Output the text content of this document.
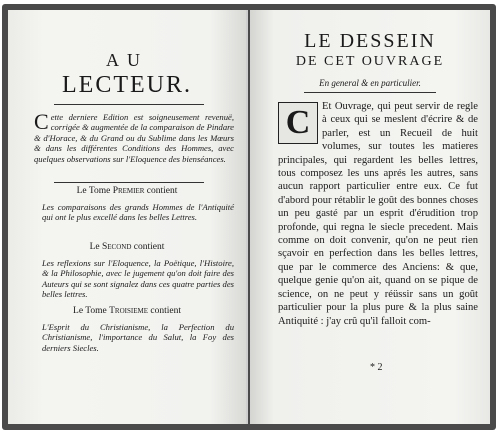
AU
LECTEUR.
Cette derniere Edition est soigneusement revenuë, corrigée & augmentée de la comparaison de Pindare & d'Horace, & du Grand ou du Sublime dans les Mœurs & dans les différentes Conditions des Hommes, avec quelques observations sur l'Eloquence des bienséances.
Le Tome Premier contient
Les comparaisons des grands Hommes de l'Antiquité qui ont le plus excellé dans les belles Lettres.
Le Second contient
Les reflexions sur l'Eloquence, la Poëtique, l'Histoire, & la Philosophie, avec le jugement qu'on doit faire des Auteurs qui se sont signalez dans ces quatre parties des belles lettres.
Le Tome Troisieme contient
L'Esprit du Christianisme, la Perfection du Christianisme, l'importance du Salut, la Foy des derniers Siecles.
LE DESSEIN
DE CET OUVRAGE
En general & en particulier.
C	Et Ouvrage, qui peut servir de regle à ceux qui se meslent d'écrire & de parler, est un Recueil de huit volumes, sur toutes les matieres principales, qui regardent les belles lettres, tous composez les uns aprés les autres, sans aucun rapport particulier entre eux. Ce fut d'abord pour rétablir le goût des bonnes choses un peu gasté par un esprit d'érudition trop profonde, qui regna le siecle precedent. Mais comme on doit convenir, qu'on ne peut rien sçavoir en perfection dans les belles lettres, que par le commerce des Anciens: & que, quelque genie qu'on ait, quand on se pique de science, on ne peut y réüssir sans un goût particulier pour la plus pure & la plus saine Antiquité : j'ay crû qu'il falloit com-
* 2
